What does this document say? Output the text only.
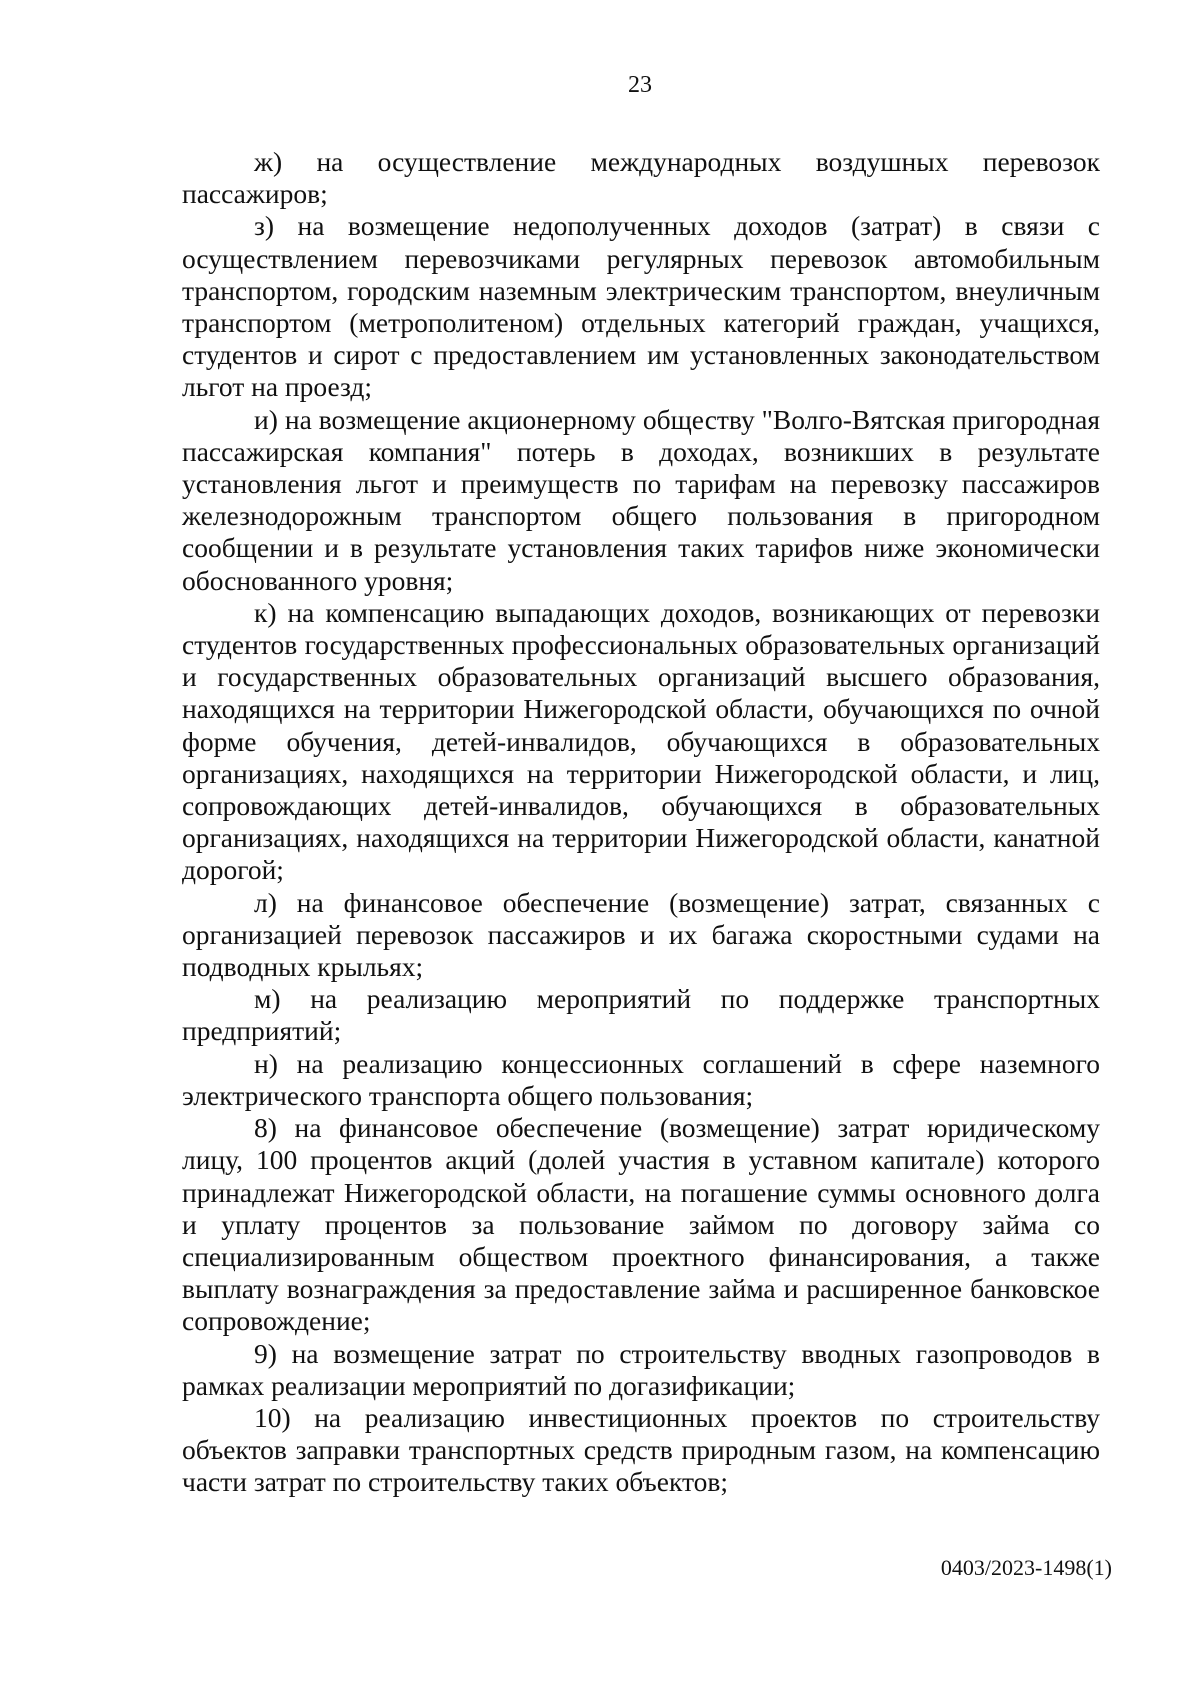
23

ж) на осуществление международных воздушных перевозок пассажиров;

з) на возмещение недополученных доходов (затрат) в связи с осуществлением перевозчиками регулярных перевозок автомобильным транспортом, городским наземным электрическим транспортом, внеуличным транспортом (метрополитеном) отдельных категорий граждан, учащихся, студентов и сирот с предоставлением им установленных законодательством льгот на проезд;

и) на возмещение акционерному обществу "Волго-Вятская пригородная пассажирская компания" потерь в доходах, возникших в результате установления льгот и преимуществ по тарифам на перевозку пассажиров железнодорожным транспортом общего пользования в пригородном сообщении и в результате установления таких тарифов ниже экономически обоснованного уровня;

к) на компенсацию выпадающих доходов, возникающих от перевозки студентов государственных профессиональных образовательных организаций и государственных образовательных организаций высшего образования, находящихся на территории Нижегородской области, обучающихся по очной форме обучения, детей-инвалидов, обучающихся в образовательных организациях, находящихся на территории Нижегородской области, и лиц, сопровождающих детей-инвалидов, обучающихся в образовательных организациях, находящихся на территории Нижегородской области, канатной дорогой;

л) на финансовое обеспечение (возмещение) затрат, связанных с организацией перевозок пассажиров и их багажа скоростными судами на подводных крыльях;

м) на реализацию мероприятий по поддержке транспортных предприятий;

н) на реализацию концессионных соглашений в сфере наземного электрического транспорта общего пользования;

8) на финансовое обеспечение (возмещение) затрат юридическому лицу, 100 процентов акций (долей участия в уставном капитале) которого принадлежат Нижегородской области, на погашение суммы основного долга и уплату процентов за пользование займом по договору займа со специализированным обществом проектного финансирования, а также выплату вознаграждения за предоставление займа и расширенное банковское сопровождение;

9) на возмещение затрат по строительству вводных газопроводов в рамках реализации мероприятий по догазификации;

10) на реализацию инвестиционных проектов по строительству объектов заправки транспортных средств природным газом, на компенсацию части затрат по строительству таких объектов;

0403/2023-1498(1)
